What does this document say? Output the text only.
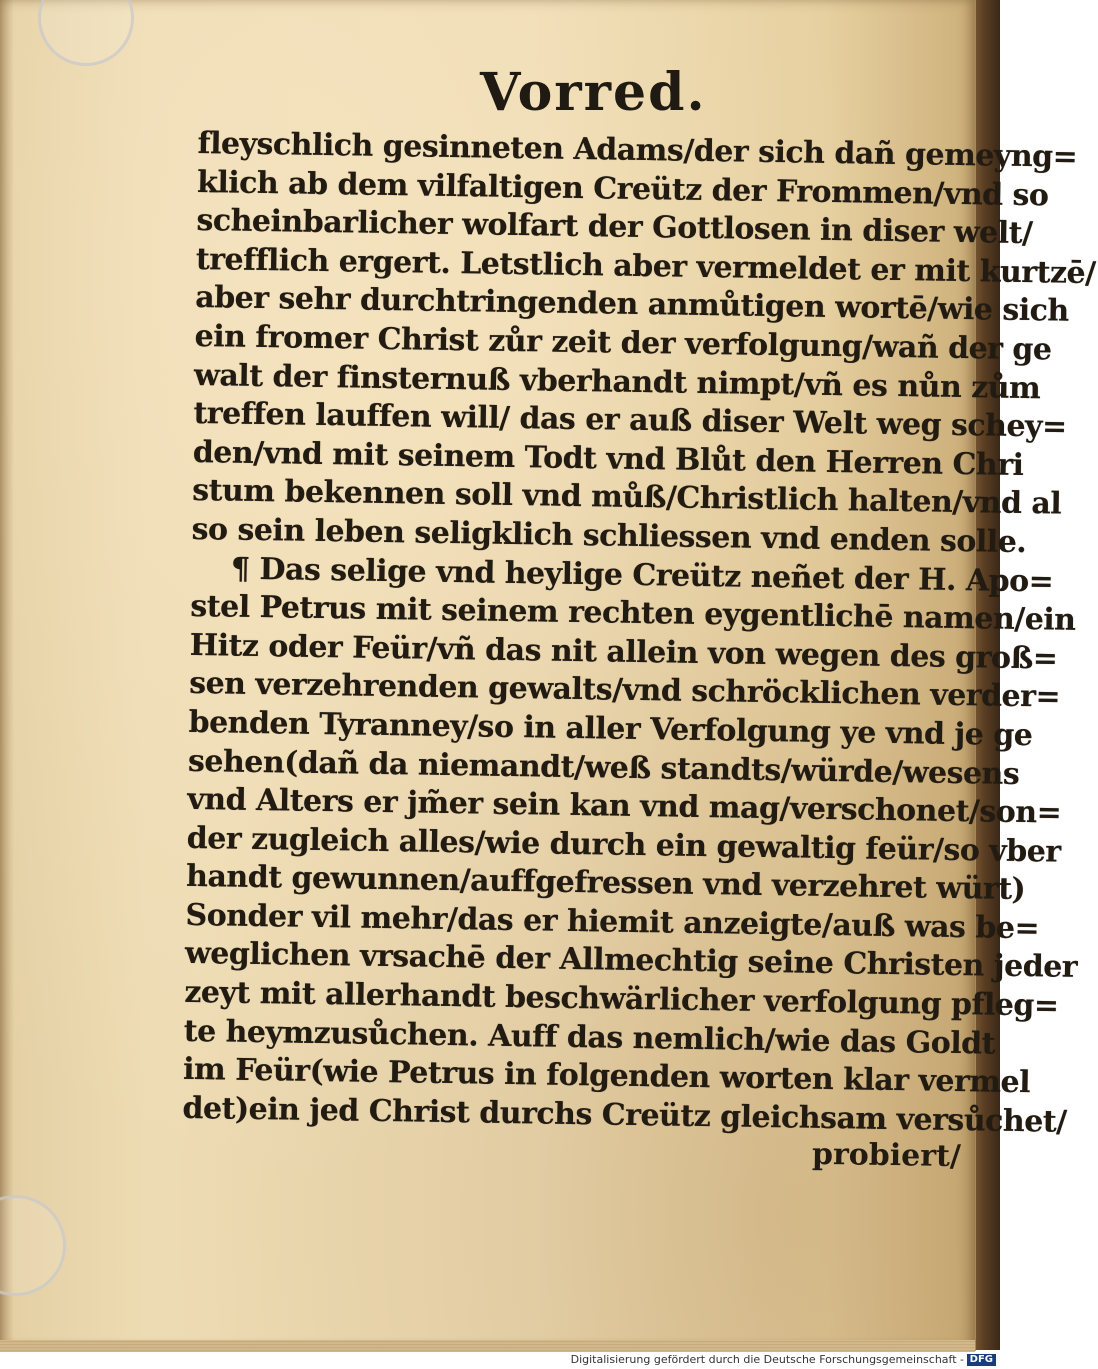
Vorred.
fleyschlich gesinneten Adams/der sich dañ gemeyng=
klich ab dem vilfaltigen Creütz der Frommen/vnd so
scheinbarlicher wolfart der Gottlosen in diser welt/
trefflich ergert. Letstlich aber vermeldet er mit kurtzē/
aber sehr durchtringenden anmůtigen wortē/wie sich
ein fromer Christ zůr zeit der verfolgung/wañ der ge
walt der finsternuß vberhandt nimpt/vñ es nůn zům
treffen lauffen will/ das er auß diser Welt weg schey=
den/vnd mit seinem Todt vnd Blůt den Herren Chri
stum bekennen soll vnd můß/Christlich halten/vnd al
so sein leben seligklich schliessen vnd enden solle.
¶ Das selige vnd heylige Creütz neñet der H. Apo=
stel Petrus mit seinem rechten eygentlichē namen/ein
Hitz oder Feür/vñ das nit allein von wegen des groß=
sen verzehrenden gewalts/vnd schröcklichen verder=
benden Tyranney/so in aller Verfolgung ye vnd je ge
sehen(dañ da niemandt/weß standts/würde/wesens
vnd Alters er jm̃er sein kan vnd mag/verschonet/son=
der zugleich alles/wie durch ein gewaltig feür/so vber
handt gewunnen/auffgefressen vnd verzehret würt)
Sonder vil mehr/das er hiemit anzeigte/auß was be=
weglichen vrsachē der Allmechtig seine Christen jeder
zeyt mit allerhandt beschwärlicher verfolgung pfleg=
te heymzusůchen. Auff das nemlich/wie das Goldt
im Feür(wie Petrus in folgenden worten klar vermel
det)ein jed Christ durchs Creütz gleichsam versůchet/
probiert/
Digitalisierung gefördert durch die Deutsche Forschungsgemeinschaft - DFG
